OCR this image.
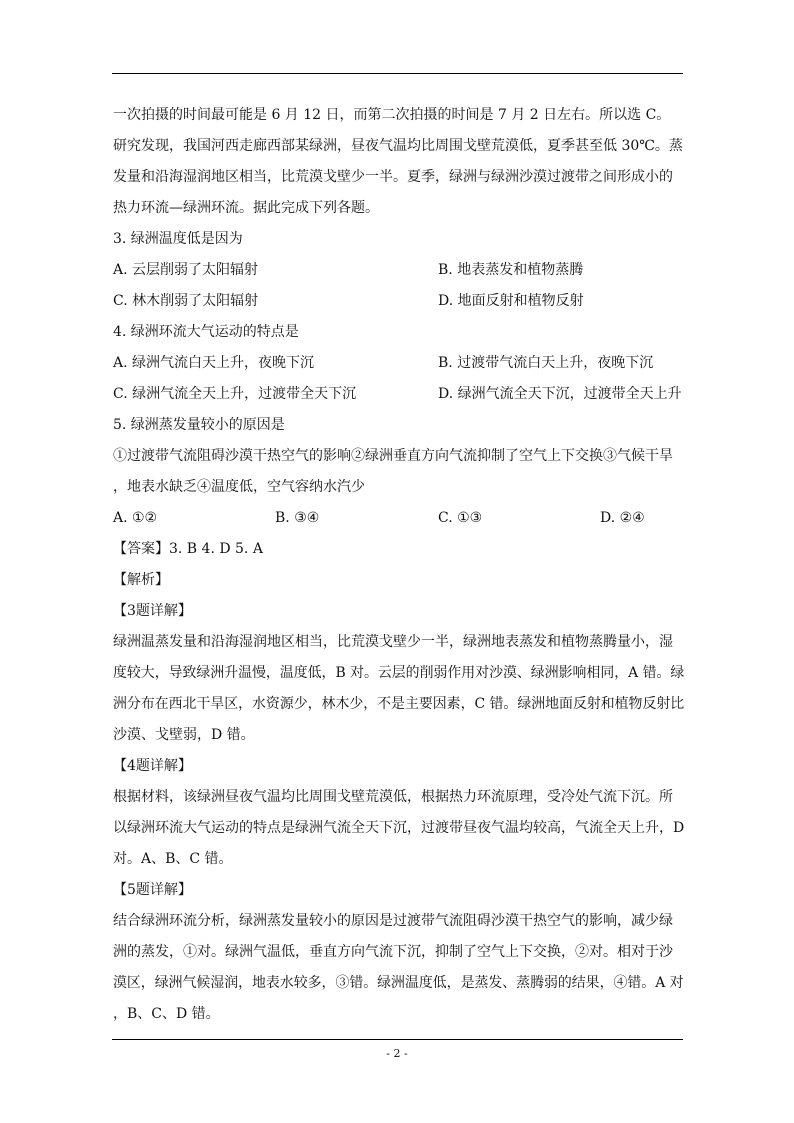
一次拍摄的时间最可能是 6 月 12 日，而第二次拍摄的时间是 7 月 2 日左右。所以选 C。
研究发现，我国河西走廊西部某绿洲，昼夜气温均比周围戈壁荒漠低，夏季甚至低 30℃。蒸
发量和沿海湿润地区相当，比荒漠戈壁少一半。夏季，绿洲与绿洲沙漠过渡带之间形成小的
热力环流—绿洲环流。据此完成下列各题。
3. 绿洲温度低是因为
A. 云层削弱了太阳辐射	B. 地表蒸发和植物蒸腾
C. 林木削弱了太阳辐射	D. 地面反射和植物反射
4. 绿洲环流大气运动的特点是
A. 绿洲气流白天上升，夜晚下沉	B. 过渡带气流白天上升，夜晚下沉
C. 绿洲气流全天上升，过渡带全天下沉	D. 绿洲气流全天下沉，过渡带全天上升
5. 绿洲蒸发量较小的原因是
①过渡带气流阻碍沙漠干热空气的影响②绿洲垂直方向气流抑制了空气上下交换③气候干旱
，地表水缺乏④温度低，空气容纳水汽少
A. ①②	B. ③④	C. ①③	D. ②④
【答案】3. B 4. D 5. A
【解析】
【3题详解】
绿洲温蒸发量和沿海湿润地区相当，比荒漠戈壁少一半，绿洲地表蒸发和植物蒸腾量小，湿
度较大，导致绿洲升温慢，温度低，B 对。云层的削弱作用对沙漠、绿洲影响相同，A 错。绿
洲分布在西北干旱区，水资源少，林木少，不是主要因素，C 错。绿洲地面反射和植物反射比
沙漠、戈壁弱，D 错。
【4题详解】
根据材料，该绿洲昼夜气温均比周围戈壁荒漠低，根据热力环流原理，受冷处气流下沉。所
以绿洲环流大气运动的特点是绿洲气流全天下沉，过渡带昼夜气温均较高，气流全天上升，D
对。A、B、C 错。
【5题详解】
结合绿洲环流分析，绿洲蒸发量较小的原因是过渡带气流阻碍沙漠干热空气的影响，减少绿
洲的蒸发，①对。绿洲气温低，垂直方向气流下沉，抑制了空气上下交换，②对。相对于沙
漠区，绿洲气候湿润，地表水较多，③错。绿洲温度低，是蒸发、蒸腾弱的结果，④错。A 对
，B、C、D 错。
- 2 -
